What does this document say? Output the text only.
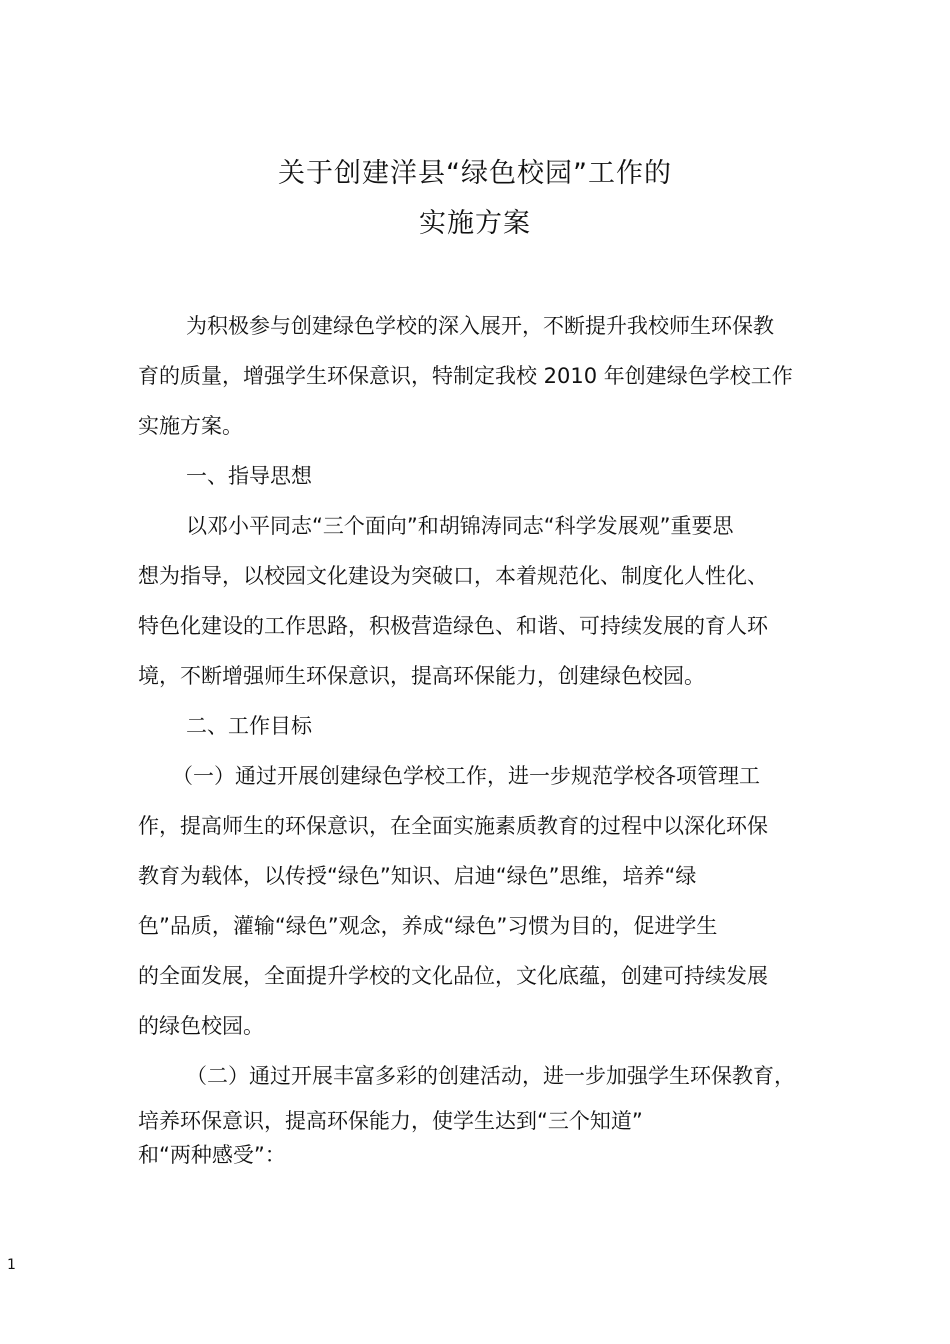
关于创建洋县“绿色校园”工作的
实施方案

为积极参与创建绿色学校的深入展开，不断提升我校师生环保教

育的质量，增强学生环保意识，特制定我校 2010 年创建绿色学校工作

实施方案。

一、指导思想

以邓小平同志“三个面向”和胡锦涛同志“科学发展观”重要思

想为指导，以校园文化建设为突破口，本着规范化、制度化人性化、

特色化建设的工作思路，积极营造绿色、和谐、可持续发展的育人环

境，不断增强师生环保意识，提高环保能力，创建绿色校园。

二、工作目标

（一）通过开展创建绿色学校工作，进一步规范学校各项管理工

作，提高师生的环保意识，在全面实施素质教育的过程中以深化环保

教育为载体，以传授“绿色”知识、启迪“绿色”思维，培养“绿

色”品质，灌输“绿色”观念，养成“绿色”习惯为目的，促进学生

的全面发展，全面提升学校的文化品位，文化底蕴，创建可持续发展

的绿色校园。

（二）通过开展丰富多彩的创建活动，进一步加强学生环保教育，

培养环保意识，提高环保能力，使学生达到“三个知道”

和“两种感受”：

1
